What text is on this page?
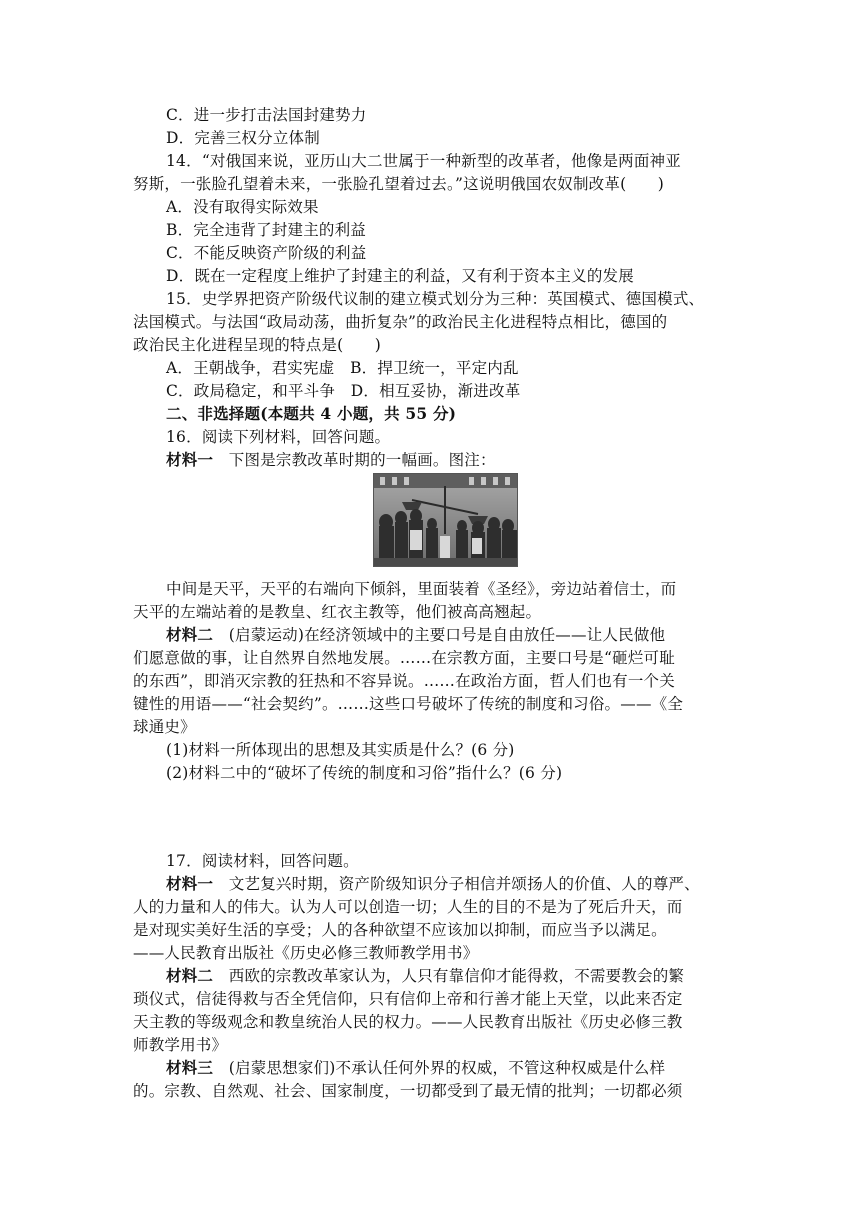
C．进一步打击法国封建势力
D．完善三权分立体制
14．“对俄国来说，亚历山大二世属于一种新型的改革者，他像是两面神亚
努斯，一张脸孔望着未来，一张脸孔望着过去。”这说明俄国农奴制改革(　　)
A．没有取得实际效果
B．完全违背了封建主的利益
C．不能反映资产阶级的利益
D．既在一定程度上维护了封建主的利益，又有利于资本主义的发展
15．史学界把资产阶级代议制的建立模式划分为三种：英国模式、德国模式、
法国模式。与法国“政局动荡，曲折复杂”的政治民主化进程特点相比，德国的
政治民主化进程呈现的特点是(　　)
A．王朝战争，君实宪虚　B．捍卫统一，平定内乱
C．政局稳定，和平斗争　D．相互妥协，渐进改革
二、非选择题(本题共 4 小题，共 55 分)
16．阅读下列材料，回答问题。
材料一　下图是宗教改革时期的一幅画。图注：
中间是天平，天平的右端向下倾斜，里面装着《圣经》，旁边站着信士，而
天平的左端站着的是教皇、红衣主教等，他们被高高翘起。
材料二　(启蒙运动)在经济领域中的主要口号是自由放任——让人民做他
们愿意做的事，让自然界自然地发展。……在宗教方面，主要口号是“砸烂可耻
的东西”，即消灭宗教的狂热和不容异说。……在政治方面，哲人们也有一个关
键性的用语——“社会契约”。……这些口号破坏了传统的制度和习俗。——《全
球通史》
(1)材料一所体现出的思想及其实质是什么？(6 分)
(2)材料二中的“破坏了传统的制度和习俗”指什么？(6 分)
17．阅读材料，回答问题。
材料一　文艺复兴时期，资产阶级知识分子相信并颂扬人的价值、人的尊严、
人的力量和人的伟大。认为人可以创造一切；人生的目的不是为了死后升天，而
是对现实美好生活的享受；人的各种欲望不应该加以抑制，而应当予以满足。
——人民教育出版社《历史必修三教师教学用书》
材料二　西欧的宗教改革家认为，人只有靠信仰才能得救，不需要教会的繁
琐仪式，信徒得救与否全凭信仰，只有信仰上帝和行善才能上天堂，以此来否定
天主教的等级观念和教皇统治人民的权力。——人民教育出版社《历史必修三教
师教学用书》
材料三　(启蒙思想家们)不承认任何外界的权威，不管这种权威是什么样
的。宗教、自然观、社会、国家制度，一切都受到了最无情的批判；一切都必须
